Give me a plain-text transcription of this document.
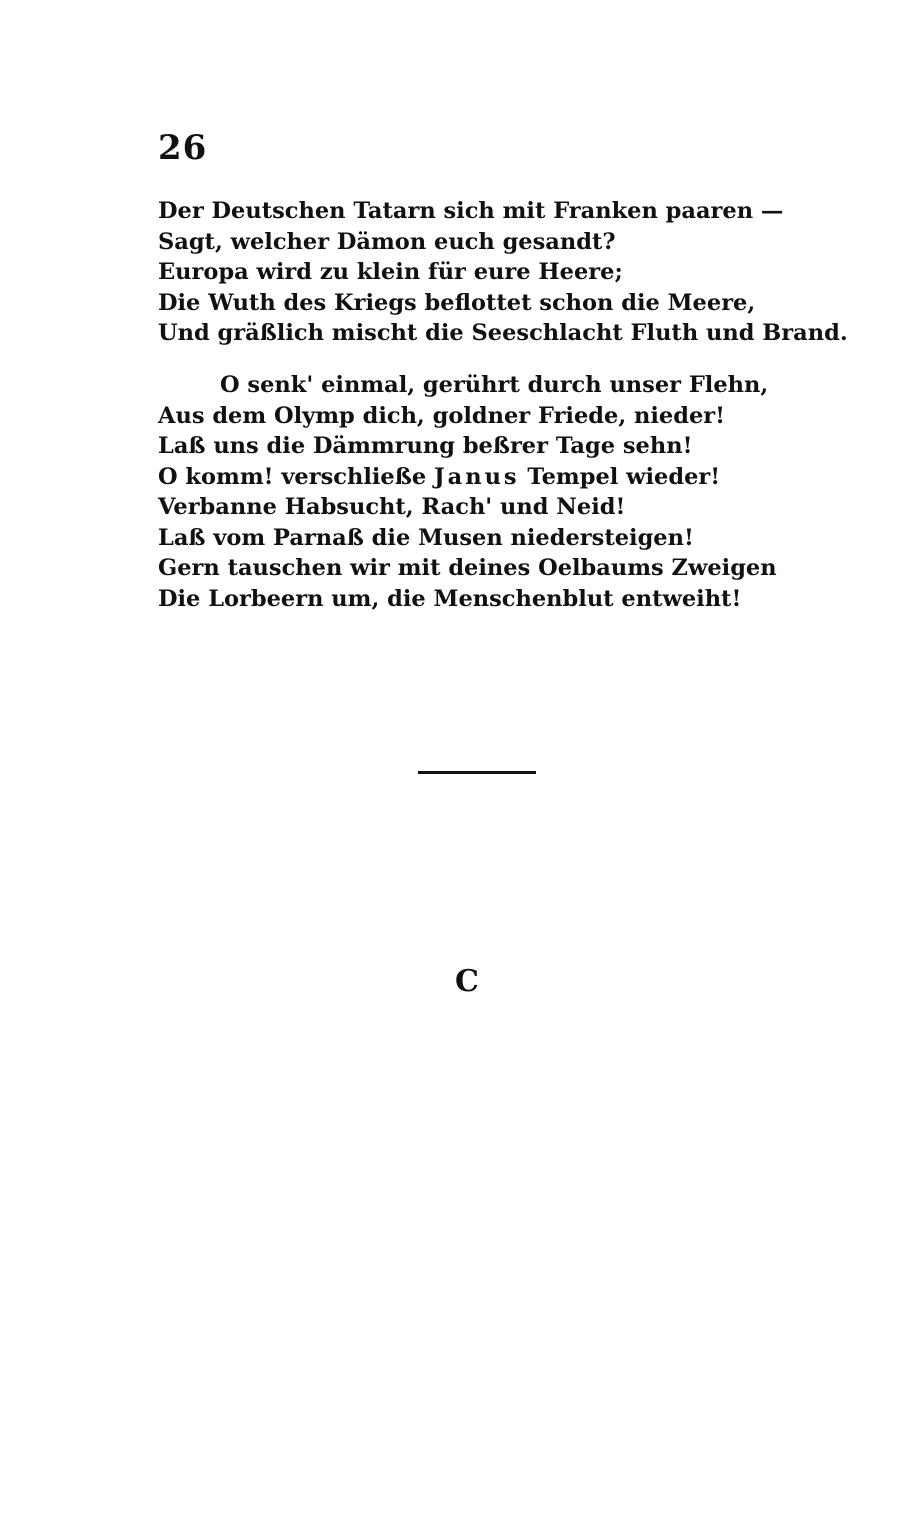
26
Der Deutschen Tatarn sich mit Franken paaren —
Sagt, welcher Dämon euch gesandt?
Europa wird zu klein für eure Heere;
Die Wuth des Kriegs beflottet schon die Meere,
Und gräßlich mischt die Seeschlacht Fluth und Brand.
O senk' einmal, gerührt durch unser Flehn,
Aus dem Olymp dich, goldner Friede, nieder!
Laß uns die Dämmrung beßrer Tage sehn!
O komm! verschließe Janus Tempel wieder!
Verbanne Habsucht, Rach' und Neid!
Laß vom Parnaß die Musen niedersteigen!
Gern tauschen wir mit deines Oelbaums Zweigen
Die Lorbeern um, die Menschenblut entweiht!
C
